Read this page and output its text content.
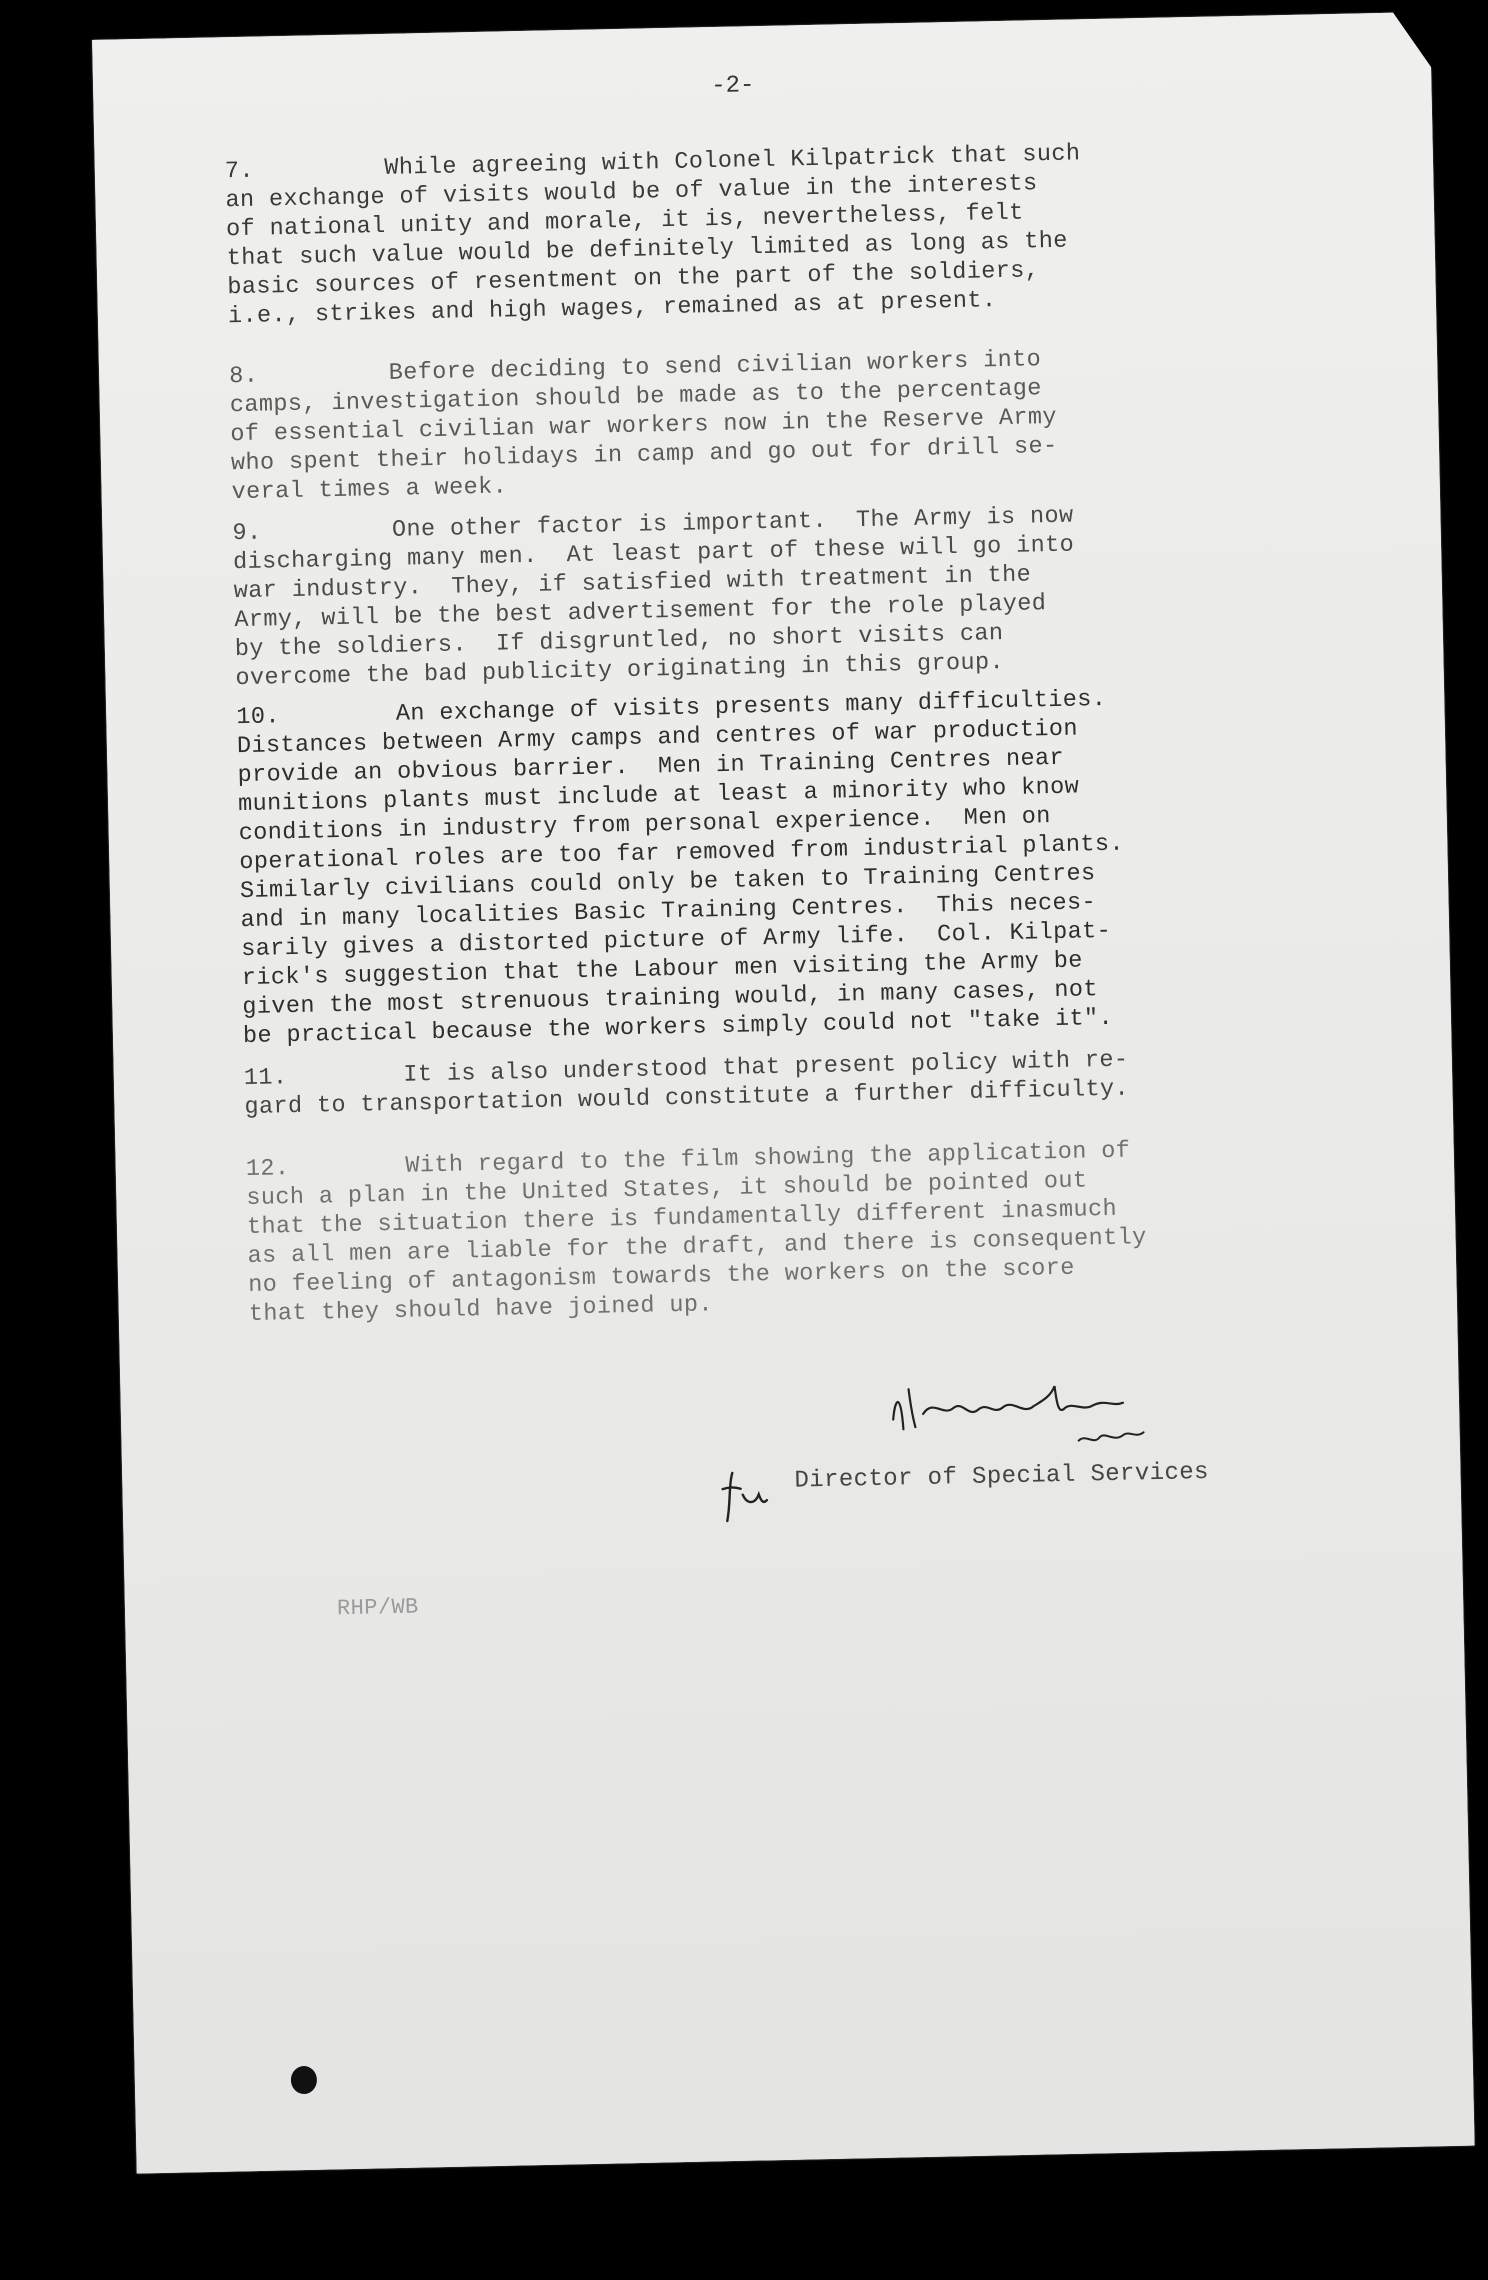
-2-
7.         While agreeing with Colonel Kilpatrick that such
an exchange of visits would be of value in the interests
of national unity and morale, it is, nevertheless, felt
that such value would be definitely limited as long as the
basic sources of resentment on the part of the soldiers,
i.e., strikes and high wages, remained as at present.
8.         Before deciding to send civilian workers into
camps, investigation should be made as to the percentage
of essential civilian war workers now in the Reserve Army
who spent their holidays in camp and go out for drill se-
veral times a week.
9.         One other factor is important.  The Army is now
discharging many men.  At least part of these will go into
war industry.  They, if satisfied with treatment in the
Army, will be the best advertisement for the role played
by the soldiers.  If disgruntled, no short visits can
overcome the bad publicity originating in this group.
10.        An exchange of visits presents many difficulties.
Distances between Army camps and centres of war production
provide an obvious barrier.  Men in Training Centres near
munitions plants must include at least a minority who know
conditions in industry from personal experience.  Men on
operational roles are too far removed from industrial plants.
Similarly civilians could only be taken to Training Centres
and in many localities Basic Training Centres.  This neces-
sarily gives a distorted picture of Army life.  Col. Kilpat-
rick's suggestion that the Labour men visiting the Army be
given the most strenuous training would, in many cases, not
be practical because the workers simply could not "take it".
11.        It is also understood that present policy with re-
gard to transportation would constitute a further difficulty.
12.        With regard to the film showing the application of
such a plan in the United States, it should be pointed out
that the situation there is fundamentally different inasmuch
as all men are liable for the draft, and there is consequently
no feeling of antagonism towards the workers on the score
that they should have joined up.
Director of Special Services
RHP/WB
